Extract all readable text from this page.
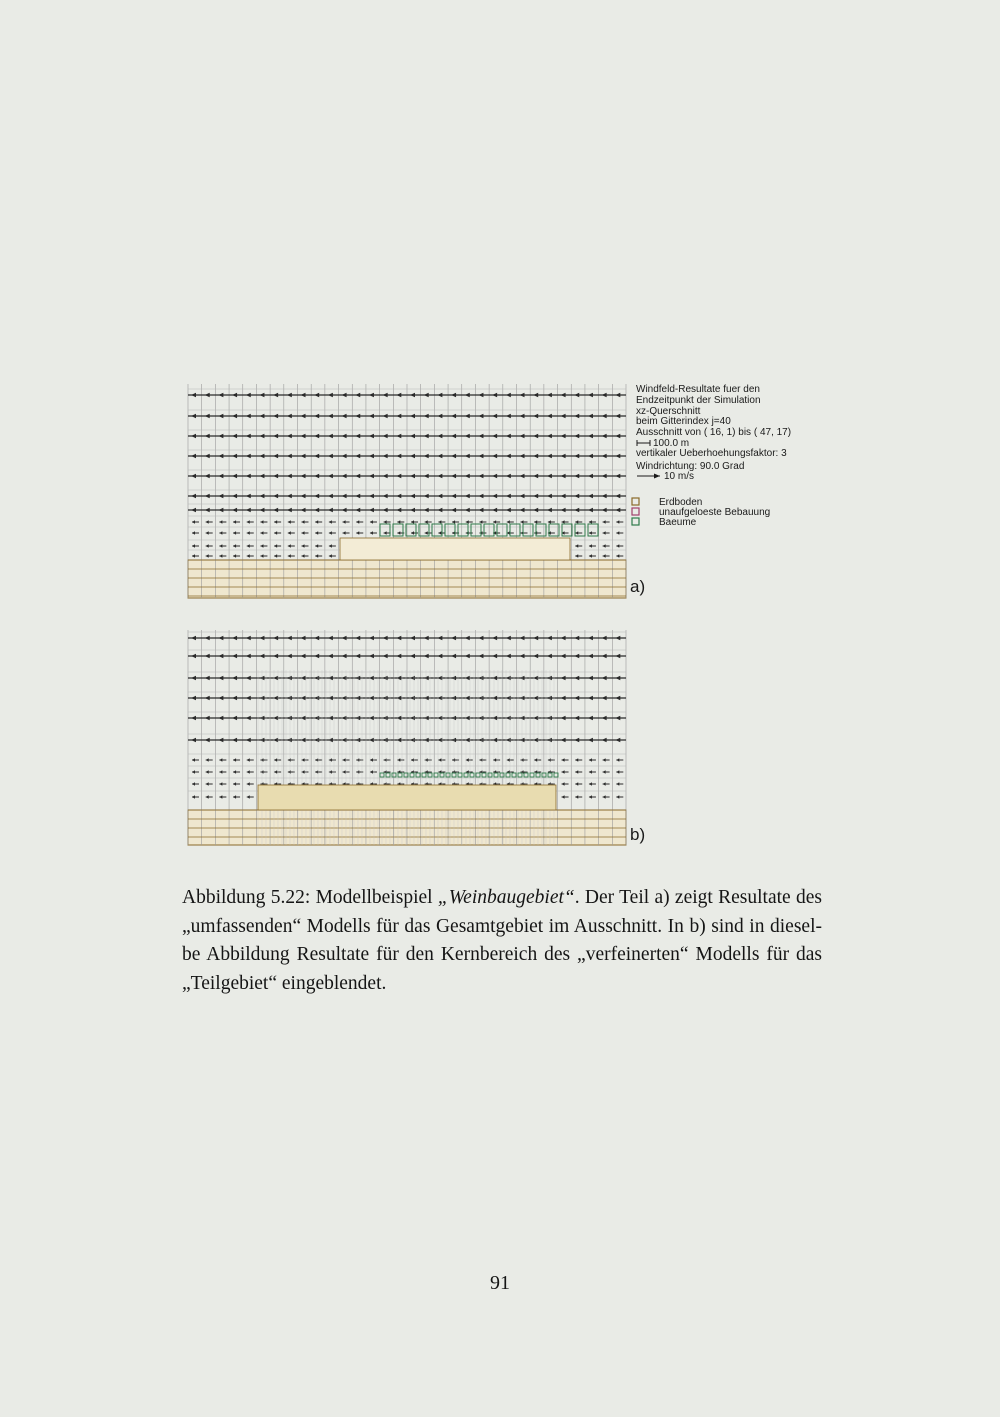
Windfeld-Resultate fuer den
Endzeitpunkt der Simulation
xz-Querschnitt
beim Gitterindex j=40
Ausschnitt von ( 16, 1) bis ( 47, 17)
100.0 m
vertikaler Ueberhoehungsfaktor: 3
Windrichtung: 90.0 Grad
10 m/s
Erdboden
unaufgeloeste Bebauung
Baeume
a)
b)
Abbildung 5.22: Modellbeispiel „Weinbaugebiet“. Der Teil a) zeigt Resultate des „umfassenden“ Modells für das Gesamtgebiet im Ausschnitt. In b) sind in diesel-be Abbildung Resultate für den Kernbereich des „verfeinerten“ Modells für das „Teilgebiet“ eingeblendet.
91
